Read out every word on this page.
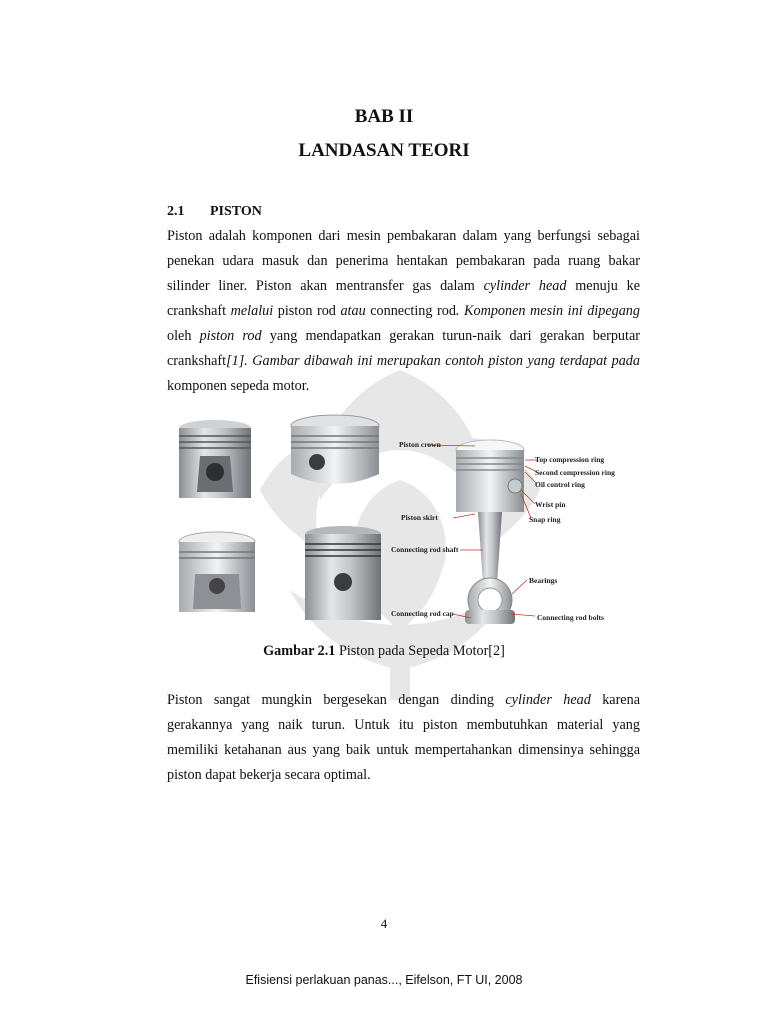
BAB II
LANDASAN TEORI
2.1 PISTON
Piston adalah komponen dari mesin pembakaran dalam yang berfungsi sebagai
penekan udara masuk dan penerima hentakan pembakaran pada ruang bakar
silinder liner. Piston akan mentransfer gas dalam cylinder head menuju ke
crankshaft melalui piston rod atau connecting rod. Komponen mesin ini dipegang
oleh piston rod yang mendapatkan gerakan turun-naik dari gerakan berputar
crankshaft[1]. Gambar dibawah ini merupakan contoh piston yang terdapat pada
komponen sepeda motor.
Piston crown
Piston skirt
Connecting rod shaft
Connecting rod cap
Top compression ring
Second compression ring
Oil control ring
Wrist pin
Snap ring
Bearings
Connecting rod bolts
Gambar 2.1 Piston pada Sepeda Motor[2]
Piston sangat mungkin bergesekan dengan dinding cylinder head karena
gerakannya yang naik turun. Untuk itu piston membutuhkan material yang
memiliki ketahanan aus yang baik untuk mempertahankan dimensinya sehingga
piston dapat bekerja secara optimal.
4
Efisiensi perlakuan panas..., Eifelson, FT UI, 2008
